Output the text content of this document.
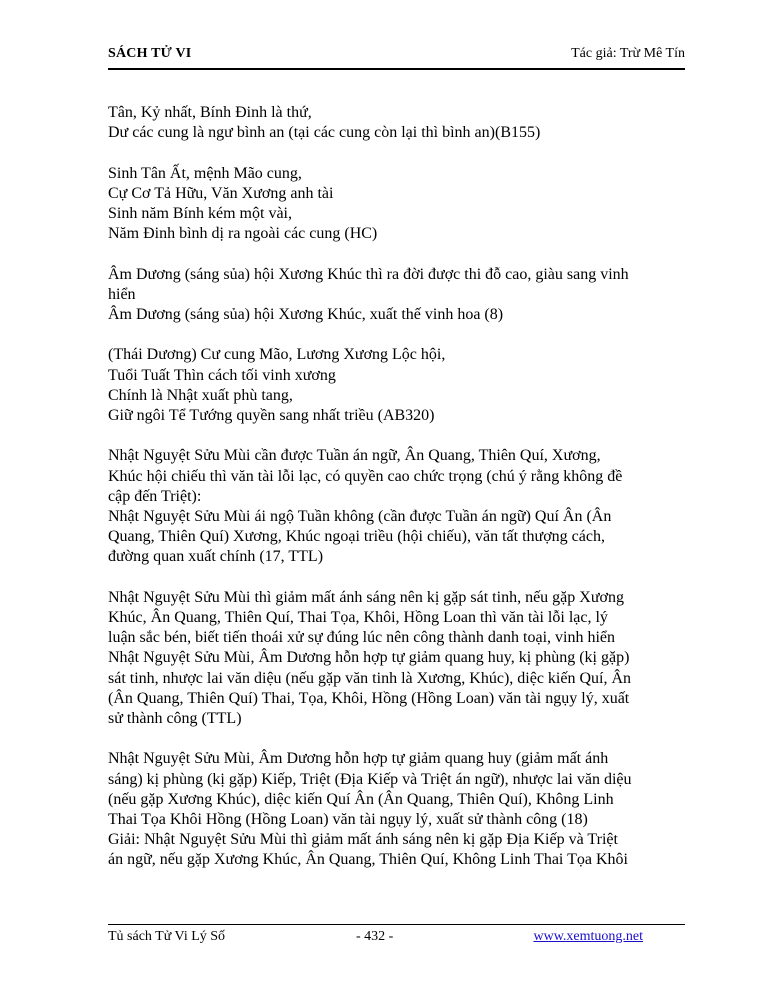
SÁCH TỬ VI	Tác giả: Trừ Mê Tín

Tân, Kỷ nhất, Bính Đinh là thứ,
Dư các cung là ngư bình an (tại các cung còn lại thì bình an)(B155)

Sinh Tân Ất, mệnh Mão cung,
Cự Cơ Tả Hữu, Văn Xương anh tài
Sinh năm Bính kém một vài,
Năm Đinh bình dị ra ngoài các cung (HC)

Âm Dương (sáng sủa) hội Xương Khúc thì ra đời được thi đỗ cao, giàu sang vinh
hiển
Âm Dương (sáng sủa) hội Xương Khúc, xuất thế vinh hoa (8)

(Thái Dương) Cư cung Mão, Lương Xương Lộc hội,
Tuổi Tuất Thìn cách tối vinh xương
Chính là Nhật xuất phù tang,
Giữ ngôi Tể Tướng quyền sang nhất triều (AB320)

Nhật Nguyệt Sửu Mùi cần được Tuần án ngữ, Ân Quang, Thiên Quí, Xương,
Khúc hội chiếu thì văn tài lỗi lạc, có quyền cao chức trọng (chú ý rằng không đề
cập đến Triệt):
Nhật Nguyệt Sửu Mùi ái ngộ Tuần không (cần được Tuần án ngữ) Quí Ân (Ân
Quang, Thiên Quí) Xương, Khúc ngoại triều (hội chiếu), văn tất thượng cách,
đường quan xuất chính (17, TTL)

Nhật Nguyệt Sửu Mùi thì giảm mất ánh sáng nên kị gặp sát tinh, nếu gặp Xương
Khúc, Ân Quang, Thiên Quí, Thai Tọa, Khôi, Hồng Loan thì văn tài lỗi lạc, lý
luận sắc bén, biết tiến thoái xử sự đúng lúc nên công thành danh toại, vinh hiển
Nhật Nguyệt Sửu Mùi, Âm Dương hỗn hợp tự giảm quang huy, kị phùng (kị gặp)
sát tinh, nhược lai văn diệu (nếu gặp văn tinh là Xương, Khúc), diệc kiến Quí, Ân
(Ân Quang, Thiên Quí) Thai, Tọa, Khôi, Hồng (Hồng Loan) văn tài ngụy lý, xuất
sử thành công (TTL)

Nhật Nguyệt Sửu Mùi, Âm Dương hỗn hợp tự giảm quang huy (giảm mất ánh
sáng) kị phùng (kị gặp) Kiếp, Triệt (Địa Kiếp và Triệt án ngữ), nhược lai văn diệu
(nếu gặp Xương Khúc), diệc kiến Quí Ân (Ân Quang, Thiên Quí), Không Linh
Thai Tọa Khôi Hồng (Hồng Loan) văn tài ngụy lý, xuất sử thành công (18)
Giải: Nhật Nguyệt Sửu Mùi thì giảm mất ánh sáng nên kị gặp Địa Kiếp và Triệt
án ngữ, nếu gặp Xương Khúc, Ân Quang, Thiên Quí, Không Linh Thai Tọa Khôi

Tủ sách Tử Vi Lý Số	- 432 -	www.xemtuong.net
